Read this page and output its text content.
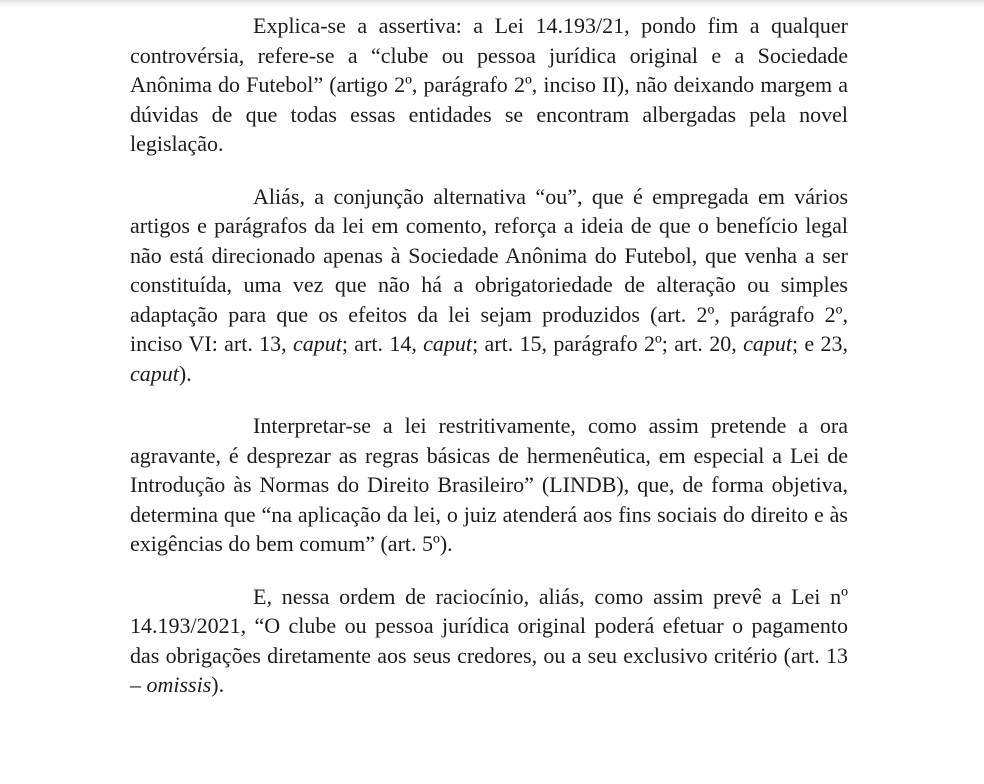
Explica-se a assertiva: a Lei 14.193/21, pondo fim a qualquer controvérsia, refere-se a “clube ou pessoa jurídica original e a Sociedade Anônima do Futebol” (artigo 2º, parágrafo 2º, inciso II), não deixando margem a dúvidas de que todas essas entidades se encontram albergadas pela novel legislação.

Aliás, a conjunção alternativa “ou”, que é empregada em vários artigos e parágrafos da lei em comento, reforça a ideia de que o benefício legal não está direcionado apenas à Sociedade Anônima do Futebol, que venha a ser constituída, uma vez que não há a obrigatoriedade de alteração ou simples adaptação para que os efeitos da lei sejam produzidos (art. 2º, parágrafo 2º, inciso VI: art. 13, caput; art. 14, caput; art. 15, parágrafo 2º; art. 20, caput; e 23, caput).

Interpretar-se a lei restritivamente, como assim pretende a ora agravante, é desprezar as regras básicas de hermenêutica, em especial a Lei de Introdução às Normas do Direito Brasileiro” (LINDB), que, de forma objetiva, determina que “na aplicação da lei, o juiz atenderá aos fins sociais do direito e às exigências do bem comum” (art. 5º).

E, nessa ordem de raciocínio, aliás, como assim prevê a Lei nº 14.193/2021, “O clube ou pessoa jurídica original poderá efetuar o pagamento das obrigações diretamente aos seus credores, ou a seu exclusivo critério (art. 13 – omissis).
